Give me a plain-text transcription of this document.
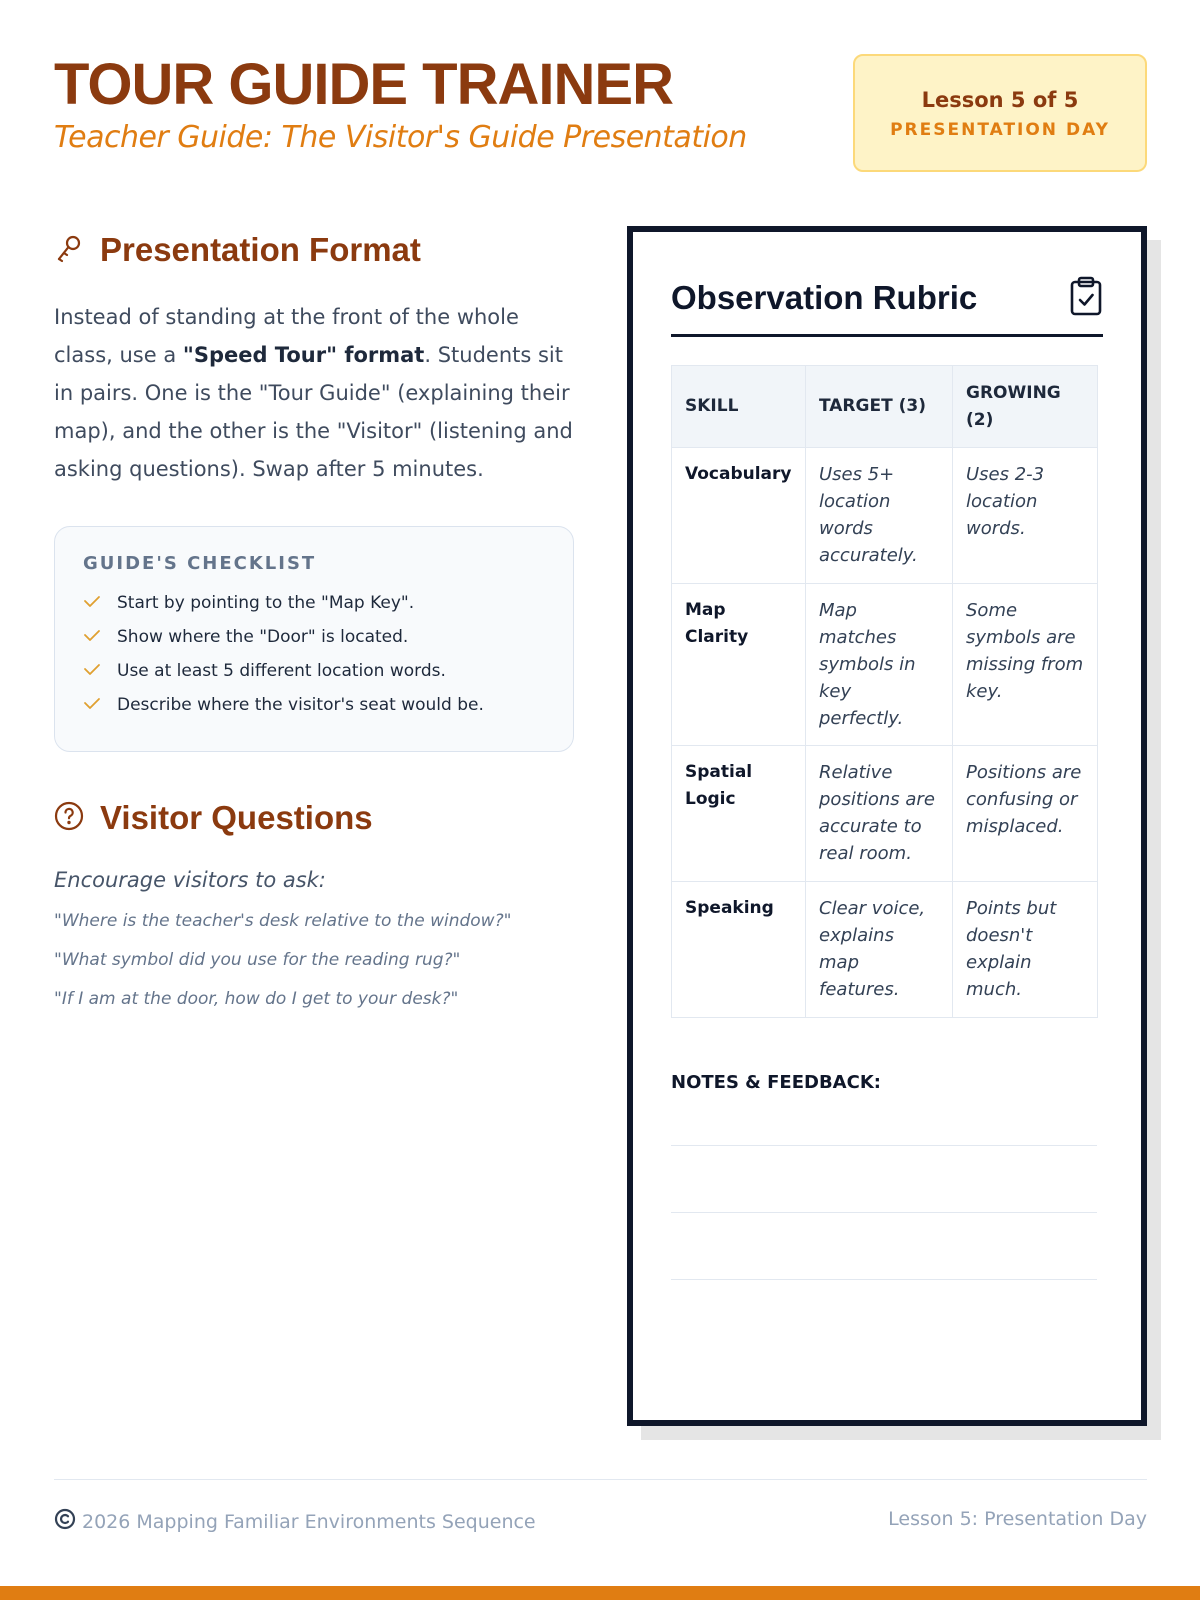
TOUR GUIDE TRAINER
Teacher Guide: The Visitor's Guide Presentation
Lesson 5 of 5
PRESENTATION DAY
Presentation Format

Instead of standing at the front of the whole class, use a "Speed Tour" format. Students sit in pairs. One is the "Tour Guide" (explaining their map), and the other is the "Visitor" (listening and asking questions). Swap after 5 minutes.

GUIDE'S CHECKLIST
Start by pointing to the "Map Key".
Show where the "Door" is located.
Use at least 5 different location words.
Describe where the visitor's seat would be.
Visitor Questions
Encourage visitors to ask:
"Where is the teacher's desk relative to the window?"
"What symbol did you use for the reading rug?"
"If I am at the door, how do I get to your desk?"
Observation Rubric
SKILL	TARGET (3)	GROWING (2)
Vocabulary	Uses 5+ location words accurately.	Uses 2-3 location words.
Map Clarity	Map matches symbols in key perfectly.	Some symbols are missing from key.
Spatial Logic	Relative positions are accurate to real room.	Positions are confusing or misplaced.
Speaking	Clear voice, explains map features.	Points but doesn't explain much.
NOTES & FEEDBACK:
2026 Mapping Familiar Environments Sequence	Lesson 5: Presentation Day
